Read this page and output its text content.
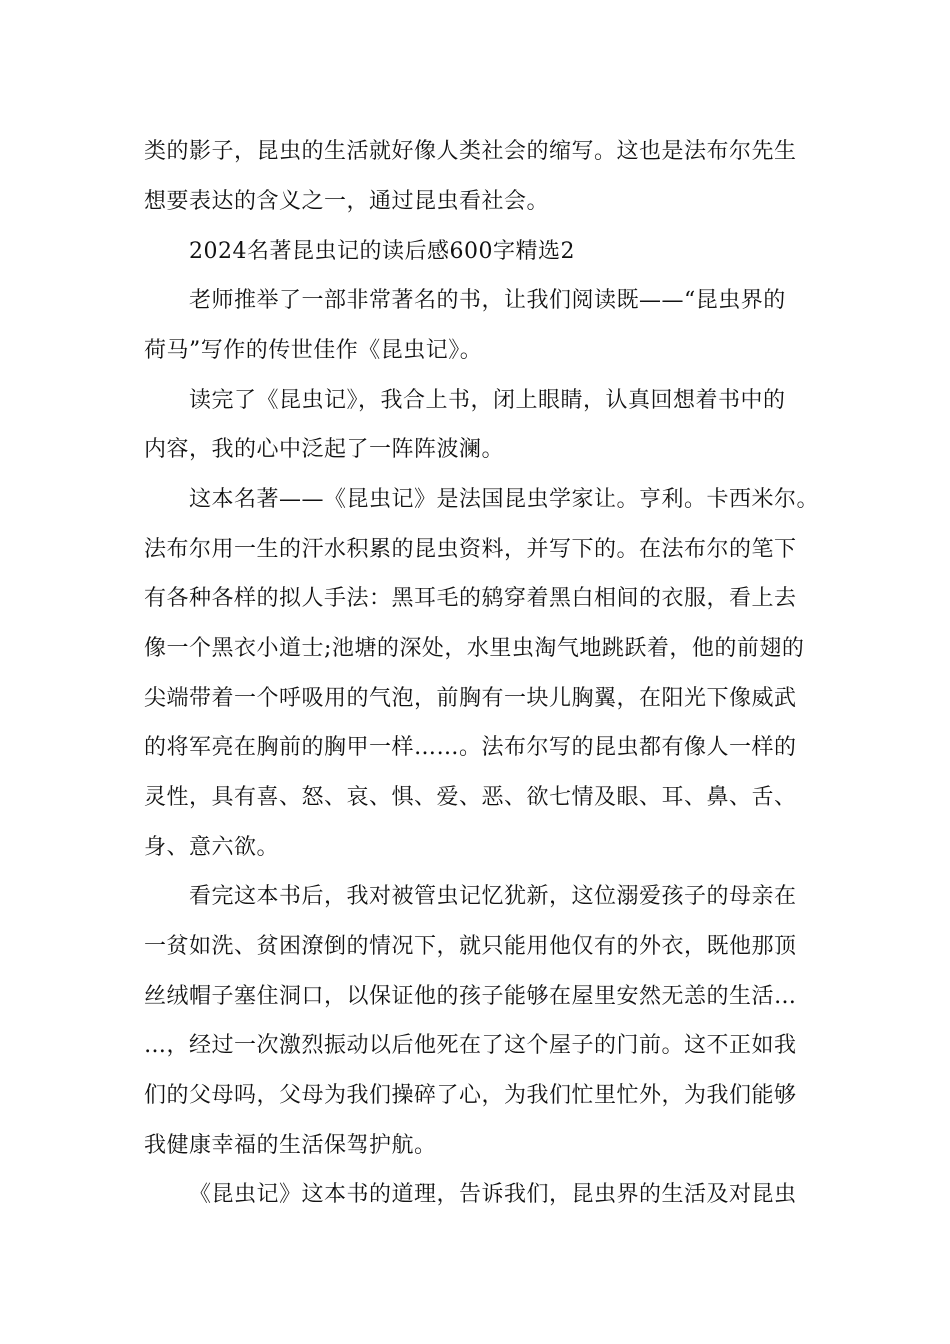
类的影子，昆虫的生活就好像人类社会的缩写。这也是法布尔先生
想要表达的含义之一，通过昆虫看社会。
2024名著昆虫记的读后感600字精选2
老师推举了一部非常著名的书，让我们阅读既——“昆虫界的
荷马”写作的传世佳作《昆虫记》。
读完了《昆虫记》，我合上书，闭上眼睛，认真回想着书中的
内容，我的心中泛起了一阵阵波澜。
这本名著——《昆虫记》是法国昆虫学家让。亨利。卡西米尔。
法布尔用一生的汗水积累的昆虫资料，并写下的。在法布尔的笔下
有各种各样的拟人手法：黑耳毛的鸫穿着黑白相间的衣服，看上去
像一个黑衣小道士;池塘的深处，水里虫淘气地跳跃着，他的前翅的
尖端带着一个呼吸用的气泡，前胸有一块儿胸翼，在阳光下像威武
的将军亮在胸前的胸甲一样……。法布尔写的昆虫都有像人一样的
灵性，具有喜、怒、哀、惧、爱、恶、欲七情及眼、耳、鼻、舌、
身、意六欲。
看完这本书后，我对被管虫记忆犹新，这位溺爱孩子的母亲在
一贫如洗、贫困潦倒的情况下，就只能用他仅有的外衣，既他那顶
丝绒帽子塞住洞口，以保证他的孩子能够在屋里安然无恙的生活…
…，经过一次激烈振动以后他死在了这个屋子的门前。这不正如我
们的父母吗，父母为我们操碎了心，为我们忙里忙外，为我们能够
我健康幸福的生活保驾护航。
《昆虫记》这本书的道理，告诉我们，昆虫界的生活及对昆虫
